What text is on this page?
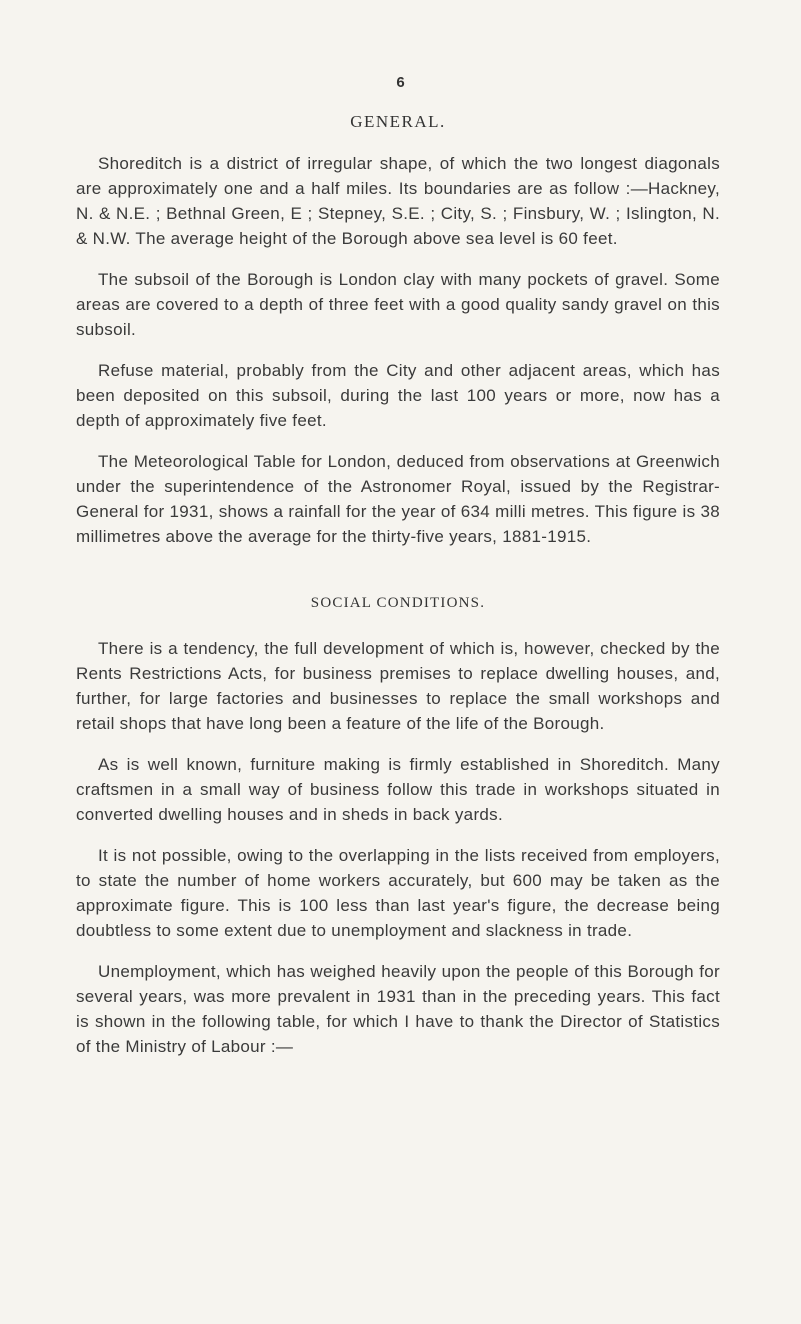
6
GENERAL.

Shoreditch is a district of irregular shape, of which the two longest diagonals are approximately one and a half miles. Its boundaries are as follow :—Hackney, N. & N.E. ; Bethnal Green, E ; Stepney, S.E. ; City, S. ; Finsbury, W. ; Islington, N. & N.W. The average height of the Borough above sea level is 60 feet.

The subsoil of the Borough is London clay with many pockets of gravel. Some areas are covered to a depth of three feet with a good quality sandy gravel on this subsoil.

Refuse material, probably from the City and other adjacent areas, which has been deposited on this subsoil, during the last 100 years or more, now has a depth of approximately five feet.

The Meteorological Table for London, deduced from observations at Greenwich under the superintendence of the Astronomer Royal, issued by the Registrar-General for 1931, shows a rainfall for the year of 634 milli metres. This figure is 38 millimetres above the average for the thirty-five years, 1881-1915.

SOCIAL CONDITIONS.

There is a tendency, the full development of which is, however, checked by the Rents Restrictions Acts, for business premises to replace dwelling houses, and, further, for large factories and businesses to replace the small workshops and retail shops that have long been a feature of the life of the Borough.

As is well known, furniture making is firmly established in Shoreditch. Many craftsmen in a small way of business follow this trade in workshops situated in converted dwelling houses and in sheds in back yards.

It is not possible, owing to the overlapping in the lists received from employers, to state the number of home workers accurately, but 600 may be taken as the approximate figure. This is 100 less than last year's figure, the decrease being doubtless to some extent due to unemployment and slackness in trade.

Unemployment, which has weighed heavily upon the people of this Borough for several years, was more prevalent in 1931 than in the preceding years. This fact is shown in the following table, for which I have to thank the Director of Statistics of the Ministry of Labour :—
